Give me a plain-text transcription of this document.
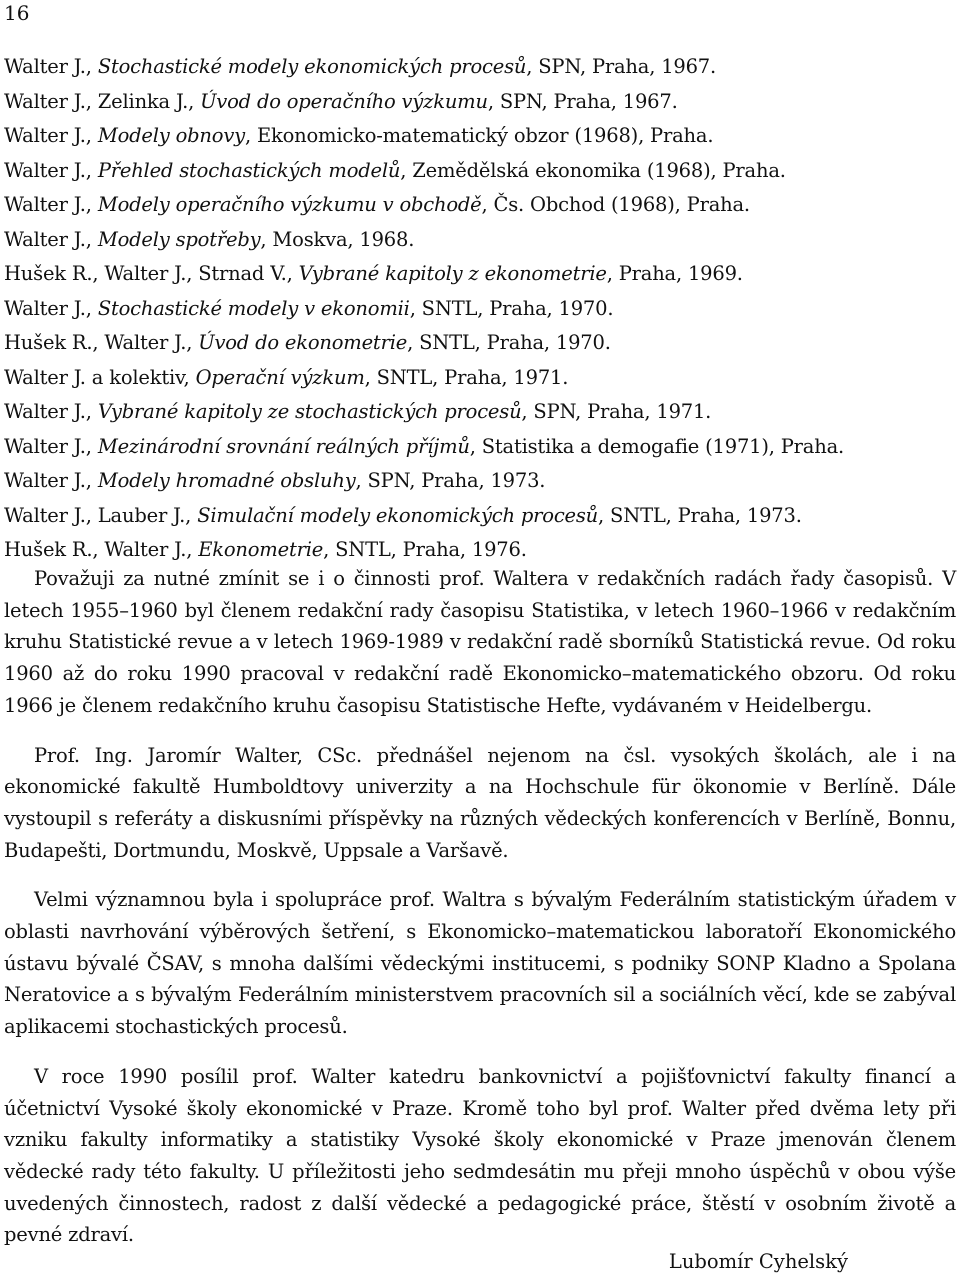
16
Walter J., Stochastické modely ekonomických procesů, SPN, Praha, 1967.
Walter J., Zelinka J., Úvod do operačního výzkumu, SPN, Praha, 1967.
Walter J., Modely obnovy, Ekonomicko-matematický obzor (1968), Praha.
Walter J., Přehled stochastických modelů, Zemědělská ekonomika (1968), Praha.
Walter J., Modely operačního výzkumu v obchodě, Čs. Obchod (1968), Praha.
Walter J., Modely spotřeby, Moskva, 1968.
Hušek R., Walter J., Strnad V., Vybrané kapitoly z ekonometrie, Praha, 1969.
Walter J., Stochastické modely v ekonomii, SNTL, Praha, 1970.
Hušek R., Walter J., Úvod do ekonometrie, SNTL, Praha, 1970.
Walter J. a kolektiv, Operační výzkum, SNTL, Praha, 1971.
Walter J., Vybrané kapitoly ze stochastických procesů, SPN, Praha, 1971.
Walter J., Mezinárodní srovnání reálných příjmů, Statistika a demogafie (1971), Praha.
Walter J., Modely hromadné obsluhy, SPN, Praha, 1973.
Walter J., Lauber J., Simulační modely ekonomických procesů, SNTL, Praha, 1973.
Hušek R., Walter J., Ekonometrie, SNTL, Praha, 1976.

Považuji za nutné zmínit se i o činnosti prof. Waltera v redakčních radách řady časopisů. V letech 1955–1960 byl členem redakční rady časopisu Statistika, v letech 1960–1966 v redakčním kruhu Statistické revue a v letech 1969-1989 v redakční radě sborníků Statistická revue. Od roku 1960 až do roku 1990 pracoval v redakční radě Ekonomicko–matematického obzoru. Od roku 1966 je členem redakčního kruhu časopisu Statistische Hefte, vydávaném v Heidelbergu.

Prof. Ing. Jaromír Walter, CSc. přednášel nejenom na čsl. vysokých školách, ale i na ekonomické fakultě Humboldtovy univerzity a na Hochschule für ökonomie v Berlíně. Dále vystoupil s referáty a diskusními příspěvky na různých vědeckých konferencích v Berlíně, Bonnu, Budapešti, Dortmundu, Moskvě, Uppsale a Varšavě.

Velmi významnou byla i spolupráce prof. Waltra s bývalým Federálním statistickým úřadem v oblasti navrhování výběrových šetření, s Ekonomicko–matematickou laboratoří Ekonomického ústavu bývalé ČSAV, s mnoha dalšími vědeckými institucemi, s podniky SONP Kladno a Spolana Neratovice a s bývalým Federálním ministerstvem pracovních sil a sociálních věcí, kde se zabýval aplikacemi stochastických procesů.

V roce 1990 posílil prof. Walter katedru bankovnictví a pojišťovnictví fakulty financí a účetnictví Vysoké školy ekonomické v Praze. Kromě toho byl prof. Walter před dvěma lety při vzniku fakulty informatiky a statistiky Vysoké školy ekonomické v Praze jmenován členem vědecké rady této fakulty. U příležitosti jeho sedmdesátin mu přeji mnoho úspěchů v obou výše uvedených činnostech, radost z další vědecké a pedagogické práce, štěstí v osobním životě a pevné zdraví.

Lubomír Cyhelský
